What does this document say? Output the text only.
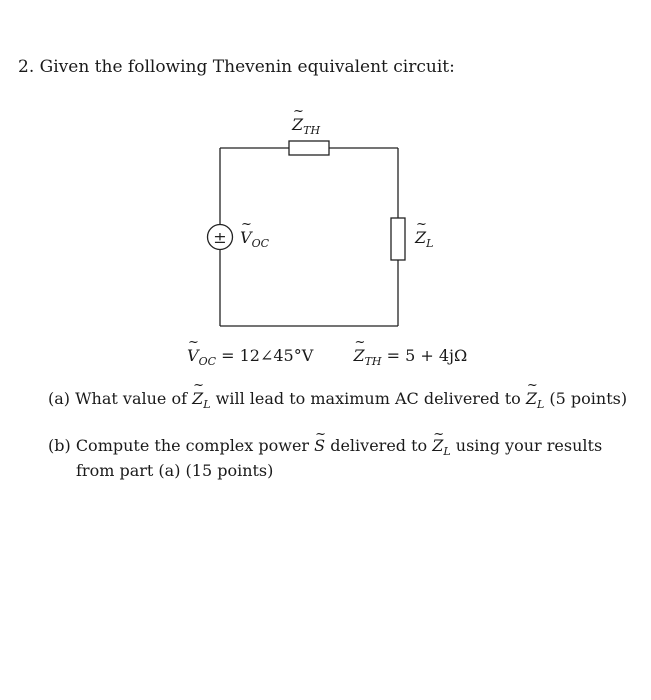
2. Given the following Thevenin equivalent circuit:
±
~ $Z_{TH}$
~ $V_{OC}$	~ $Z_L$
~ $V_{OC}$ = 12∠45°V	~ $Z_{TH} = 5 + 4j\Omega$
(a) What value of ~ $Z_L$ will lead to maximum AC delivered to ~ $Z_L$ (5 points)
(b) Compute the complex power ~ S delivered to ~ $Z_L$ using your results
from part (a) (15 points)
